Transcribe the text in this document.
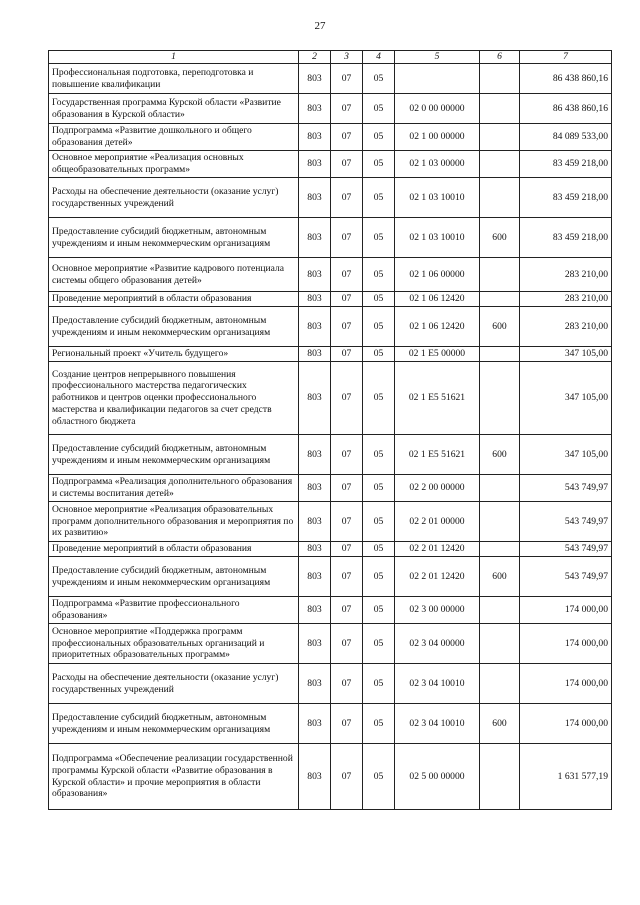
27
1	2	3	4	5	6	7
Профессиональная подготовка, переподготовка и повышение квалификации	803	07	05			86 438 860,16
Государственная программа Курской области «Развитие образования в Курской области»	803	07	05	02 0 00 00000		86 438 860,16
Подпрограмма «Развитие дошкольного и общего образования детей»	803	07	05	02 1 00 00000		84 089 533,00
Основное мероприятие «Реализация основных общеобразовательных программ»	803	07	05	02 1 03 00000		83 459 218,00
Расходы на обеспечение деятельности (оказание услуг) государственных учреждений	803	07	05	02 1 03 10010		83 459 218,00
Предоставление субсидий бюджетным, автономным учреждениям и иным некоммерческим организациям	803	07	05	02 1 03 10010	600	83 459 218,00
Основное мероприятие «Развитие кадрового потенциала системы общего образования детей»	803	07	05	02 1 06 00000		283 210,00
Проведение мероприятий в области образования	803	07	05	02 1 06 12420		283 210,00
Предоставление субсидий бюджетным, автономным учреждениям и иным некоммерческим организациям	803	07	05	02 1 06 12420	600	283 210,00
Региональный проект «Учитель будущего»	803	07	05	02 1 E5 00000		347 105,00
Создание центров непрерывного повышения профессионального мастерства педагогических работников и центров оценки профессионального мастерства и квалификации педагогов за счет средств областного бюджета	803	07	05	02 1 E5 51621		347 105,00
Предоставление субсидий бюджетным, автономным учреждениям и иным некоммерческим организациям	803	07	05	02 1 E5 51621	600	347 105,00
Подпрограмма «Реализация дополнительного образования и системы воспитания детей»	803	07	05	02 2 00 00000		543 749,97
Основное мероприятие «Реализация образовательных программ дополнительного образования и мероприятия по их развитию»	803	07	05	02 2 01 00000		543 749,97
Проведение мероприятий в области образования	803	07	05	02 2 01 12420		543 749,97
Предоставление субсидий бюджетным, автономным учреждениям и иным некоммерческим организациям	803	07	05	02 2 01 12420	600	543 749,97
Подпрограмма «Развитие профессионального образования»	803	07	05	02 3 00 00000		174 000,00
Основное мероприятие «Поддержка программ профессиональных образовательных организаций и приоритетных образовательных программ»	803	07	05	02 3 04 00000		174 000,00
Расходы на обеспечение деятельности (оказание услуг) государственных учреждений	803	07	05	02 3 04 10010		174 000,00
Предоставление субсидий бюджетным, автономным учреждениям и иным некоммерческим организациям	803	07	05	02 3 04 10010	600	174 000,00
Подпрограмма «Обеспечение реализации государственной программы Курской области «Развитие образования в Курской области» и прочие мероприятия в области образования»	803	07	05	02 5 00 00000		1 631 577,19
